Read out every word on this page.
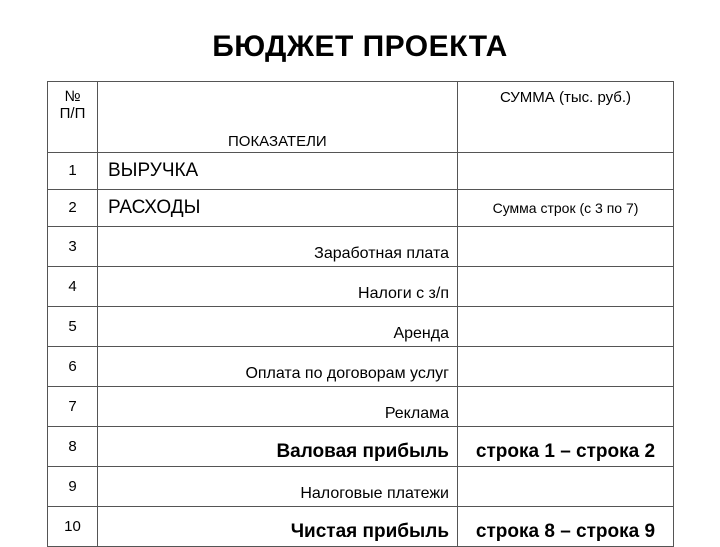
БЮДЖЕТ ПРОЕКТА
№
П/П	ПОКАЗАТЕЛИ	СУММА (тыс. руб.)
1	ВЫРУЧКА	
2	РАСХОДЫ	Сумма строк (с 3 по 7)
3	Заработная плата	
4	Налоги с з/п	
5	Аренда	
6	Оплата по договорам услуг	
7	Реклама	
8	Валовая прибыль	строка 1 – строка 2
9	Налоговые платежи	
10	Чистая прибыль	строка 8 – строка 9
